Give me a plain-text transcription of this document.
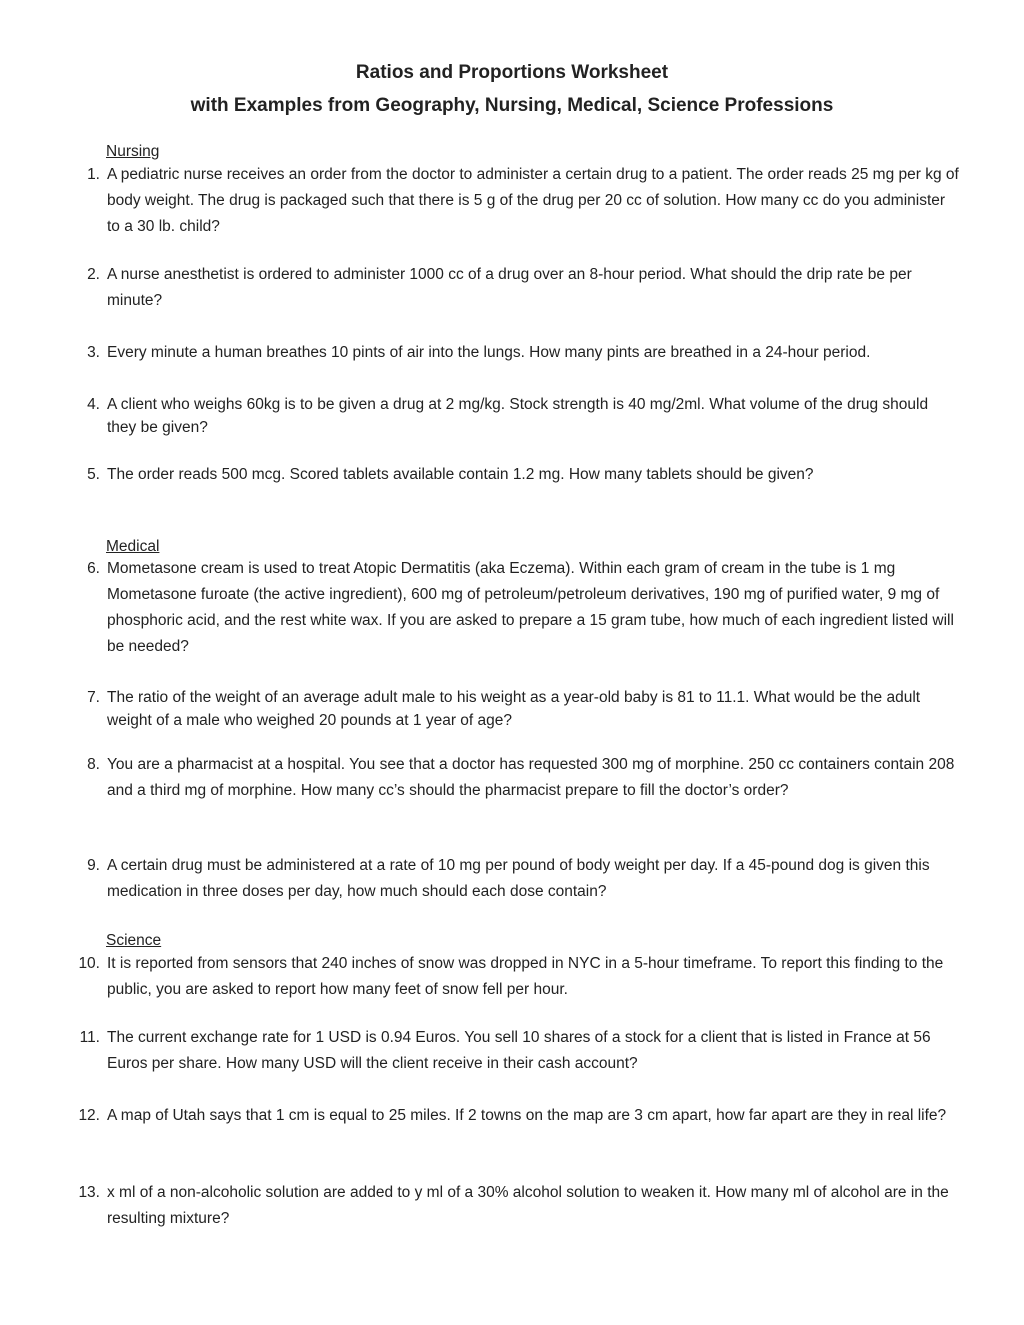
Ratios and Proportions Worksheet
with Examples from Geography, Nursing, Medical, Science Professions
Nursing
1. A pediatric nurse receives an order from the doctor to administer a certain drug to a patient. The order reads 25 mg per kg of body weight. The drug is packaged such that there is 5 g of the drug per 20 cc of solution. How many cc do you administer to a 30 lb. child?
2. A nurse anesthetist is ordered to administer 1000 cc of a drug over an 8-hour period. What should the drip rate be per minute?
3. Every minute a human breathes 10 pints of air into the lungs. How many pints are breathed in a 24-hour period.
4. A client who weighs 60kg is to be given a drug at 2 mg/kg. Stock strength is 40 mg/2ml. What volume of the drug should they be given?
5. The order reads 500 mcg. Scored tablets available contain 1.2 mg. How many tablets should be given?
Medical
6. Mometasone cream is used to treat Atopic Dermatitis (aka Eczema). Within each gram of cream in the tube is 1 mg Mometasone furoate (the active ingredient), 600 mg of petroleum/petroleum derivatives, 190 mg of purified water, 9 mg of phosphoric acid, and the rest white wax. If you are asked to prepare a 15 gram tube, how much of each ingredient listed will be needed?
7. The ratio of the weight of an average adult male to his weight as a year-old baby is 81 to 11.1. What would be the adult weight of a male who weighed 20 pounds at 1 year of age?
8. You are a pharmacist at a hospital. You see that a doctor has requested 300 mg of morphine. 250 cc containers contain 208 and a third mg of morphine. How many cc’s should the pharmacist prepare to fill the doctor’s order?
9. A certain drug must be administered at a rate of 10 mg per pound of body weight per day. If a 45-pound dog is given this medication in three doses per day, how much should each dose contain?
Science
10. It is reported from sensors that 240 inches of snow was dropped in NYC in a 5-hour timeframe. To report this finding to the public, you are asked to report how many feet of snow fell per hour.
11. The current exchange rate for 1 USD is 0.94 Euros. You sell 10 shares of a stock for a client that is listed in France at 56 Euros per share. How many USD will the client receive in their cash account?
12. A map of Utah says that 1 cm is equal to 25 miles. If 2 towns on the map are 3 cm apart, how far apart are they in real life?
13. x ml of a non-alcoholic solution are added to y ml of a 30% alcohol solution to weaken it. How many ml of alcohol are in the resulting mixture?
